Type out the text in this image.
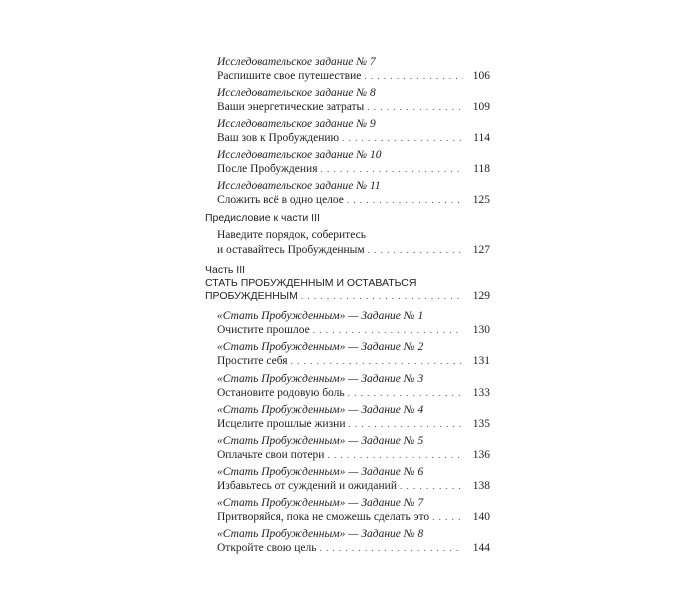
Исследовательское задание № 7
Распишите свое путешествие . . .	106
Исследовательское задание № 8
Ваши энергетические затраты . . .	109
Исследовательское задание № 9
Ваш зов к Пробуждению . . .	114
Исследовательское задание № 10
После Пробуждения . . .	118
Исследовательское задание № 11
Сложить всё в одно целое . . .	125
Предисловие к части III
Наведите порядок, соберитесь
и оставайтесь Пробужденным . . .	127
Часть III
СТАТЬ ПРОБУЖДЕННЫМ И ОСТАВАТЬСЯ
ПРОБУЖДЕННЫМ . . .	129
«Стать Пробужденным» — Задание № 1
Очистите прошлое . . .	130
«Стать Пробужденным» — Задание № 2
Простите себя . . .	131
«Стать Пробужденным» — Задание № 3
Остановите родовую боль . . .	133
«Стать Пробужденным» — Задание № 4
Исцелите прошлые жизни . . .	135
«Стать Пробужденным» — Задание № 5
Оплачьте свои потери . . .	136
«Стать Пробужденным» — Задание № 6
Избавьтесь от суждений и ожиданий . . .	138
«Стать Пробужденным» — Задание № 7
Притворяйся, пока не сможешь сделать это . . .	140
«Стать Пробужденным» — Задание № 8
Откройте свою цель . . .	144
